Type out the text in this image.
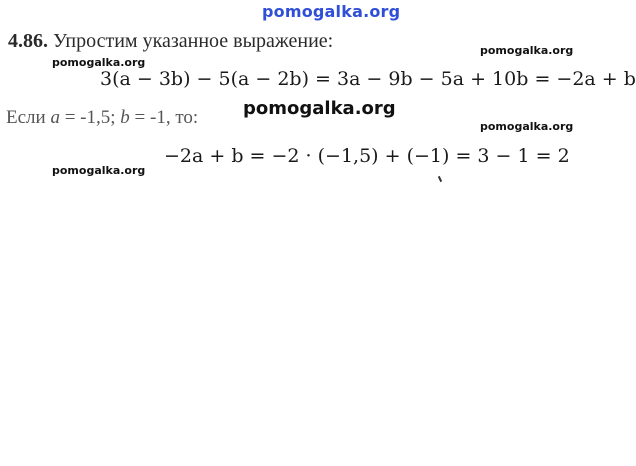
pomogalka.org
4.86. Упростим указанное выражение:
pomogalka.org
pomogalka.org
pomogalka.org
pomogalka.org
3(a − 3b) − 5(a − 2b) = 3a − 9b − 5a + 10b = −2a + b
Если a = -1,5; b = -1, то: pomogalka.org
−2a + b = −2 · (−1,5) + (−1) = 3 − 1 = 2
